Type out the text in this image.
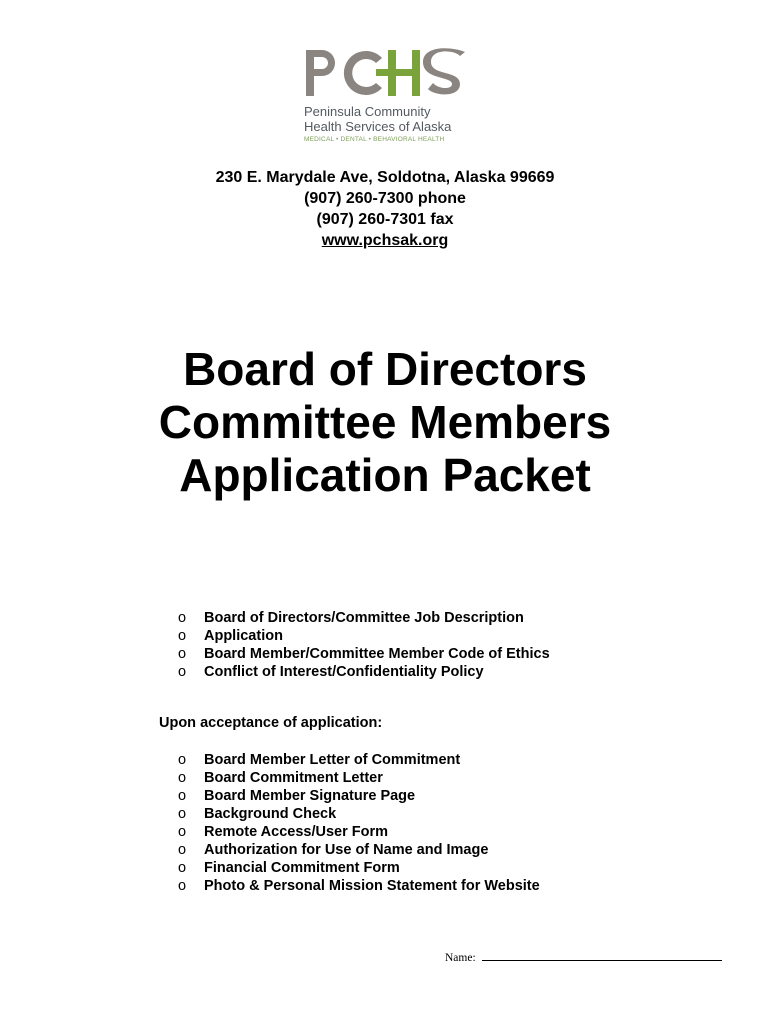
Peninsula Community
Health Services of Alaska
MEDICAL • DENTAL • BEHAVIORAL HEALTH
230 E. Marydale Ave, Soldotna, Alaska 99669
(907) 260-7300 phone
(907) 260-7301 fax
www.pchsak.org
Board of Directors
Committee Members
Application Packet
o Board of Directors/Committee Job Description
o Application
o Board Member/Committee Member Code of Ethics
o Conflict of Interest/Confidentiality Policy
Upon acceptance of application:
o Board Member Letter of Commitment
o Board Commitment Letter
o Board Member Signature Page
o Background Check
o Remote Access/User Form
o Authorization for Use of Name and Image
o Financial Commitment Form
o Photo & Personal Mission Statement for Website
Name:
